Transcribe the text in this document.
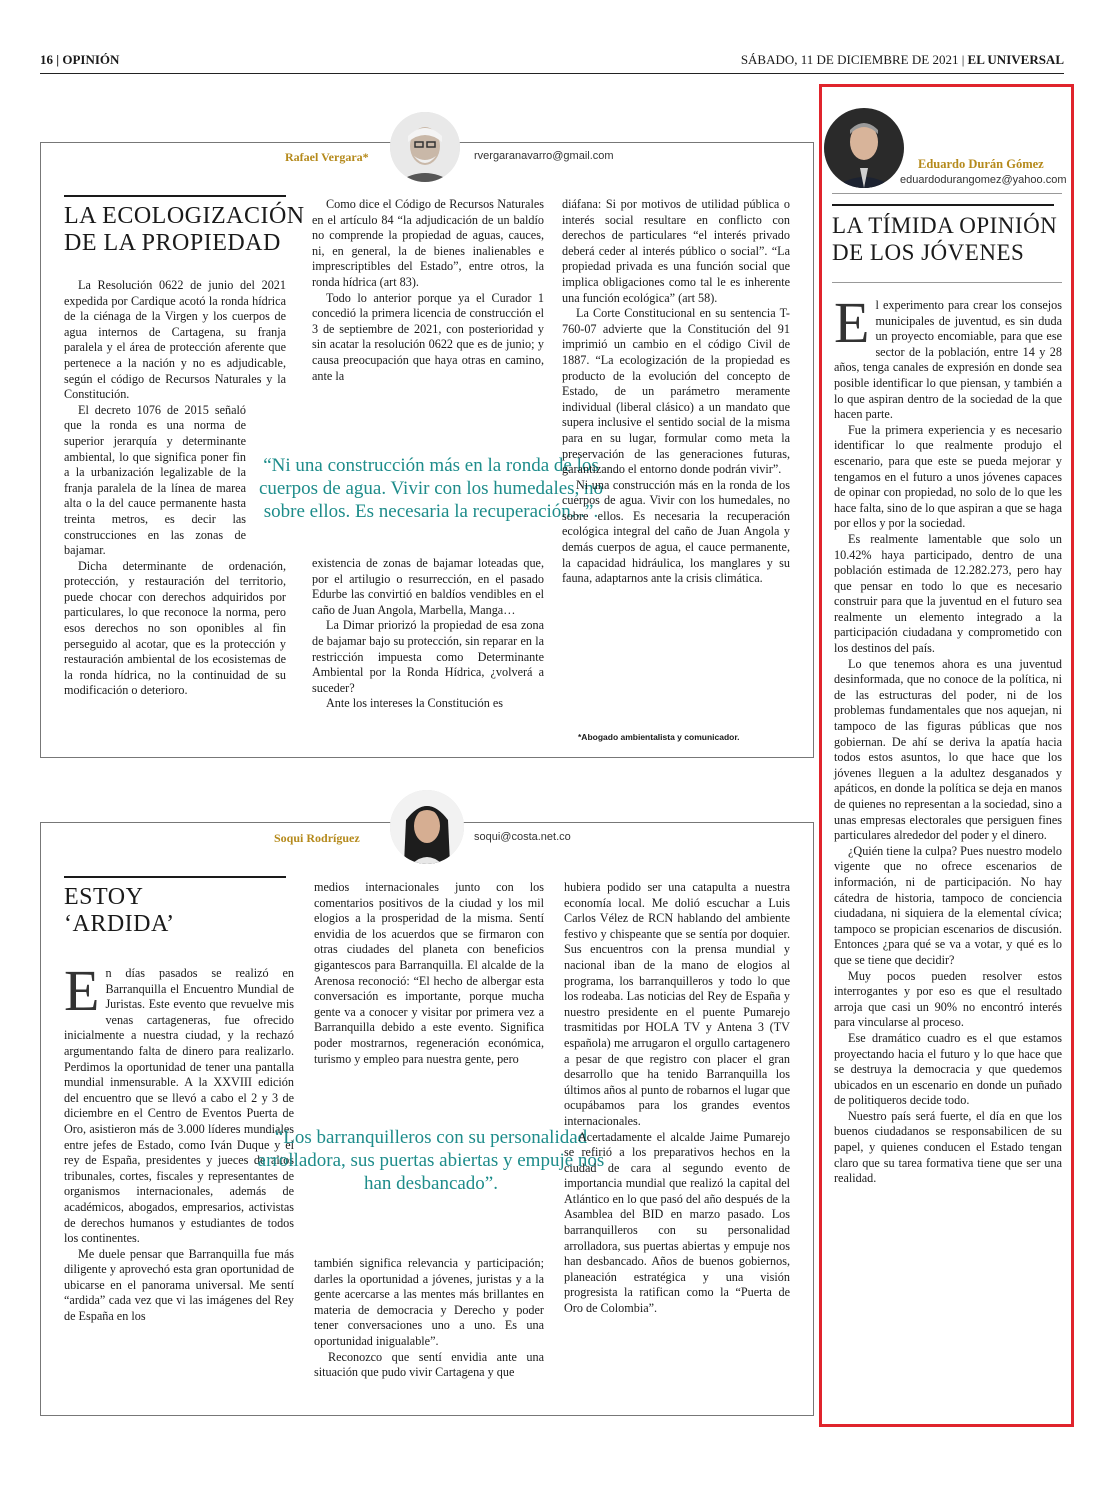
16 | OPINIÓN	SÁBADO, 11 DE DICIEMBRE DE 2021 | EL UNIVERSAL
Rafael Vergara*	rvergaranavarro@gmail.com
LA ECOLOGIZACIÓN
DE LA PROPIEDAD

La Resolución 0622 de junio del 2021 expedida por Cardique acotó la ronda hídrica de la ciénaga de la Virgen y los cuerpos de agua internos de Cartagena, su franja paralela y el área de protección aferente que pertenece a la nación y no es adjudicable, según el código de Recursos Naturales y la Constitución.

El decreto 1076 de 2015 señaló que la ronda es una norma de superior jerarquía y determinante ambiental, lo que significa poner fin a la urbanización legalizable de la franja paralela de la línea de marea alta o la del cauce permanente hasta treinta metros, es decir las construcciones en las zonas de bajamar.

Dicha determinante de ordenación, protección, y restauración del territorio, puede chocar con derechos adquiridos por particulares, lo que reconoce la norma, pero esos derechos no son oponibles al fin perseguido al acotar, que es la protección y restauración ambiental de los ecosistemas de la ronda hídrica, no la continuidad de su modificación o deterioro.

Como dice el Código de Recursos Naturales en el artículo 84 “la adjudicación de un baldío no comprende la propiedad de aguas, cauces, ni, en general, la de bienes inalienables e imprescriptibles del Estado”, entre otros, la ronda hídrica (art 83).

Todo lo anterior porque ya el Curador 1 concedió la primera licencia de construcción el 3 de septiembre de 2021, con posterioridad y sin acatar la resolución 0622 que es de junio; y causa preocupación que haya otras en camino, ante la

“Ni una construcción más en la ronda de los cuerpos de agua. Vivir con los humedales, no sobre ellos. Es necesaria la recuperación...”.

existencia de zonas de bajamar loteadas que, por el artilugio o resurrección, en el pasado Edurbe las convirtió en baldíos vendibles en el caño de Juan Angola, Marbella, Manga…

La Dimar priorizó la propiedad de esa zona de bajamar bajo su protección, sin reparar en la restricción impuesta como Determinante Ambiental por la Ronda Hídrica, ¿volverá a suceder?

Ante los intereses la Constitución es

diáfana: Si por motivos de utilidad pública o interés social resultare en conflicto con derechos de particulares “el interés privado deberá ceder al interés público o social”. “La propiedad privada es una función social que implica obligaciones como tal le es inherente una función ecológica” (art 58).

La Corte Constitucional en su sentencia T-760-07 advierte que la Constitución del 91 imprimió un cambio en el código Civil de 1887. “La ecologización de la propiedad es producto de la evolución del concepto de Estado, de un parámetro meramente individual (liberal clásico) a un mandato que supera inclusive el sentido social de la misma para en su lugar, formular como meta la preservación de las generaciones futuras, garantizando el entorno donde podrán vivir”.

Ni una construcción más en la ronda de los cuerpos de agua. Vivir con los humedales, no sobre ellos. Es necesaria la recuperación ecológica integral del caño de Juan Angola y demás cuerpos de agua, el cauce permanente, la capacidad hidráulica, los manglares y su fauna, adaptarnos ante la crisis climática.

*Abogado ambientalista y comunicador.
Soqui Rodríguez	soqui@costa.net.co
ESTOY
‘ARDIDA’

En días pasados se realizó en Barranquilla el Encuentro Mundial de Juristas. Este evento que revuelve mis venas cartageneras, fue ofrecido inicialmente a nuestra ciudad, y la rechazó argumentando falta de dinero para realizarlo. Perdimos la oportunidad de tener una pantalla mundial inmensurable. A la XXVIII edición del encuentro que se llevó a cabo el 2 y 3 de diciembre en el Centro de Eventos Puerta de Oro, asistieron más de 3.000 líderes mundiales entre jefes de Estado, como Iván Duque y el rey de España, presidentes y jueces de altos tribunales, cortes, fiscales y representantes de organismos internacionales, además de académicos, abogados, empresarios, activistas de derechos humanos y estudiantes de todos los continentes.

Me duele pensar que Barranquilla fue más diligente y aprovechó esta gran oportunidad de ubicarse en el panorama universal. Me sentí “ardida” cada vez que vi las imágenes del Rey de España en los

medios internacionales junto con los comentarios positivos de la ciudad y los mil elogios a la prosperidad de la misma. Sentí envidia de los acuerdos que se firmaron con otras ciudades del planeta con beneficios gigantescos para Barranquilla. El alcalde de la Arenosa reconoció: “El hecho de albergar esta conversación es importante, porque mucha gente va a conocer y visitar por primera vez a Barranquilla debido a este evento. Significa poder mostrarnos, regeneración económica, turismo y empleo para nuestra gente, pero

“Los barranquilleros con su personalidad arrolladora, sus puertas abiertas y empuje nos han desbancado”.

también significa relevancia y participación; darles la oportunidad a jóvenes, juristas y a la gente acercarse a las mentes más brillantes en materia de democracia y Derecho y poder tener conversaciones uno a uno. Es una oportunidad inigualable”.

Reconozco que sentí envidia ante una situación que pudo vivir Cartagena y que

hubiera podido ser una catapulta a nuestra economía local. Me dolió escuchar a Luis Carlos Vélez de RCN hablando del ambiente festivo y chispeante que se sentía por doquier. Sus encuentros con la prensa mundial y nacional iban de la mano de elogios al programa, los barranquilleros y todo lo que los rodeaba. Las noticias del Rey de España y nuestro presidente en el puente Pumarejo trasmitidas por HOLA TV y Antena 3 (TV española) me arrugaron el orgullo cartagenero a pesar de que registro con placer el gran desarrollo que ha tenido Barranquilla los últimos años al punto de robarnos el lugar que ocupábamos para los grandes eventos internacionales.

Acertadamente el alcalde Jaime Pumarejo se refirió a los preparativos hechos en la ciudad de cara al segundo evento de importancia mundial que realizó la capital del Atlántico en lo que pasó del año después de la Asamblea del BID en marzo pasado. Los barranquilleros con su personalidad arrolladora, sus puertas abiertas y empuje nos han desbancado. Años de buenos gobiernos, planeación estratégica y una visión progresista la ratifican como la “Puerta de Oro de Colombia”.

Eduardo Durán Gómez
eduardodurangomez@yahoo.com
LA TÍMIDA OPINIÓN
DE LOS JÓVENES

El experimento para crear los consejos municipales de juventud, es sin duda un proyecto encomiable, para que ese sector de la población, entre 14 y 28 años, tenga canales de expresión en donde sea posible identificar lo que piensan, y también a lo que aspiran dentro de la sociedad de la que hacen parte.

Fue la primera experiencia y es necesario identificar lo que realmente produjo el escenario, para que este se pueda mejorar y tengamos en el futuro a unos jóvenes capaces de opinar con propiedad, no solo de lo que les hace falta, sino de lo que aspiran a que se haga por ellos y por la sociedad.

Es realmente lamentable que solo un 10.42% haya participado, dentro de una población estimada de 12.282.273, pero hay que pensar en todo lo que es necesario construir para que la juventud en el futuro sea realmente un elemento integrado a la participación ciudadana y comprometido con los destinos del país.

Lo que tenemos ahora es una juventud desinformada, que no conoce de la política, ni de las estructuras del poder, ni de los problemas fundamentales que nos aquejan, ni tampoco de las figuras públicas que nos gobiernan. De ahí se deriva la apatía hacia todos estos asuntos, lo que hace que los jóvenes lleguen a la adultez desganados y apáticos, en donde la política se deja en manos de quienes no representan a la sociedad, sino a unas empresas electorales que persiguen fines particulares alrededor del poder y el dinero.

¿Quién tiene la culpa? Pues nuestro modelo vigente que no ofrece escenarios de información, ni de participación. No hay cátedra de historia, tampoco de conciencia ciudadana, ni siquiera de la elemental cívica; tampoco se propician escenarios de discusión. Entonces ¿para qué se va a votar, y qué es lo que se tiene que decidir?

Muy pocos pueden resolver estos interrogantes y por eso es que el resultado arroja que casi un 90% no encontró interés para vincularse al proceso.

Ese dramático cuadro es el que estamos proyectando hacia el futuro y lo que hace que se destruya la democracia y que quedemos ubicados en un escenario en donde un puñado de politiqueros decide todo.

Nuestro país será fuerte, el día en que los buenos ciudadanos se responsabilicen de su papel, y quienes conducen el Estado tengan claro que su tarea formativa tiene que ser una realidad.
